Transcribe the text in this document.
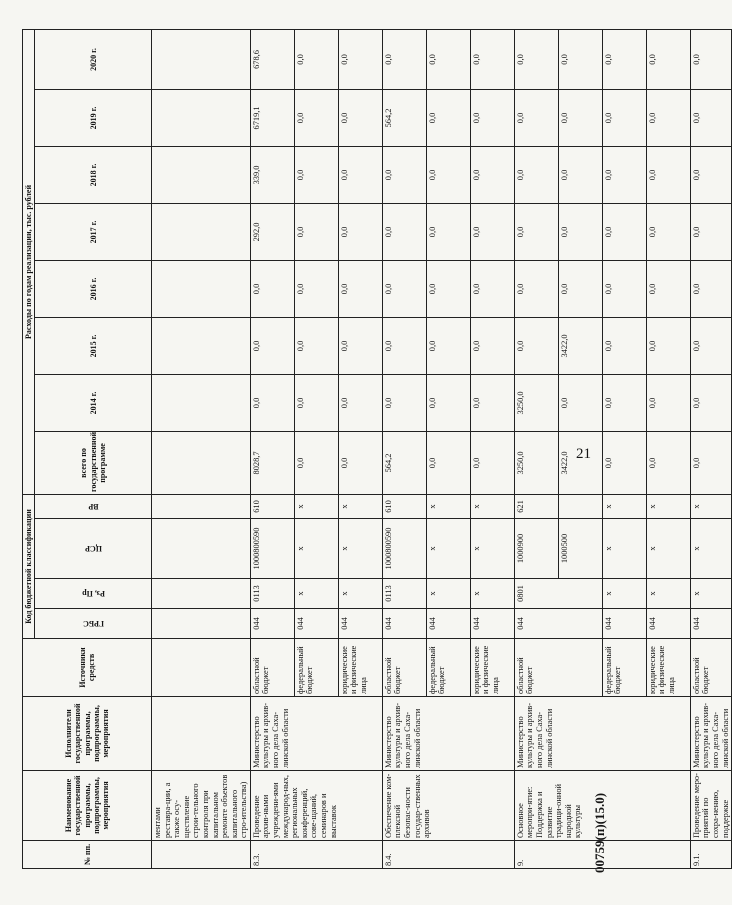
21
00759(п)(15.0)
№ пп.	Наименование государственной программы, подпрограммы, мероприятия	Исполнители государственной программы, подпрограммы, мероприятия	Источники средств	Код бюджетной классификации				Расходы по годам реализации, тыс. рублей							

				ГРБС	Рз, Пр	ЦСР	ВР	всего по государственной программе	2014 г.	2015 г.	2016 г.	2017 г.	2018 г.	2019 г.	2020 г.
	ментами реставра-ции, а также осу-ществление строи-тельного контроля при капитальном ремонте объектов капитального стро-ительства)														
8.3.	Проведение архив-ными учреждени-ями международ-ных, региональных конференций, сове-щаний, семинаров и выставок	Министерство культуры и архив-ного дела Саха-линской области	областной бюджет	044	0113	1000800590	610	8028,7	0,0	0,0	0,0	292,0	339,0	6719,1	678,6
			федеральный бюджет	044	x	x	x	0,0	0,0	0,0	0,0	0,0	0,0	0,0	0,0
			юридические и физические лица	044	x	x	x	0,0	0,0	0,0	0,0	0,0	0,0	0,0	0,0
8.4.	Обеспечение ком-плексной безопас-ности государ-ственных архивов	Министерство культуры и архив-ного дела Саха-линской области	областной бюджет	044	0113	1000800590	610	564,2	0,0	0,0	0,0	0,0	0,0	564,2	0,0
			федеральный бюджет	044	x	x	x	0,0	0,0	0,0	0,0	0,0	0,0	0,0	0,0
			юридические и физические лица	044	x	x	x	0,0	0,0	0,0	0,0	0,0	0,0	0,0	0,0
9.	Основное меропри-ятие: Поддержка и развитие традици-онной народной культуры	Министерство культуры и архив-ного дела Саха-линской области	областной бюджет	044	0801	1000900	621	3250,0	3250,0	0,0	0,0	0,0	0,0	0,0	0,0
						1000500		3422,0	0,0	3422,0	0,0	0,0	0,0	0,0	0,0
			федеральный бюджет	044	x	x	x	0,0	0,0	0,0	0,0	0,0	0,0	0,0	0,0
			юридические и физические лица	044	x	x	x	0,0	0,0	0,0	0,0	0,0	0,0	0,0	0,0
9.1.	Проведение меро-приятий по сохра-нению, поддержке	Министерство культуры и архив-ного дела Саха-линской области	областной бюджет	044	x	x	x	0,0	0,0	0,0	0,0	0,0	0,0	0,0	0,0
